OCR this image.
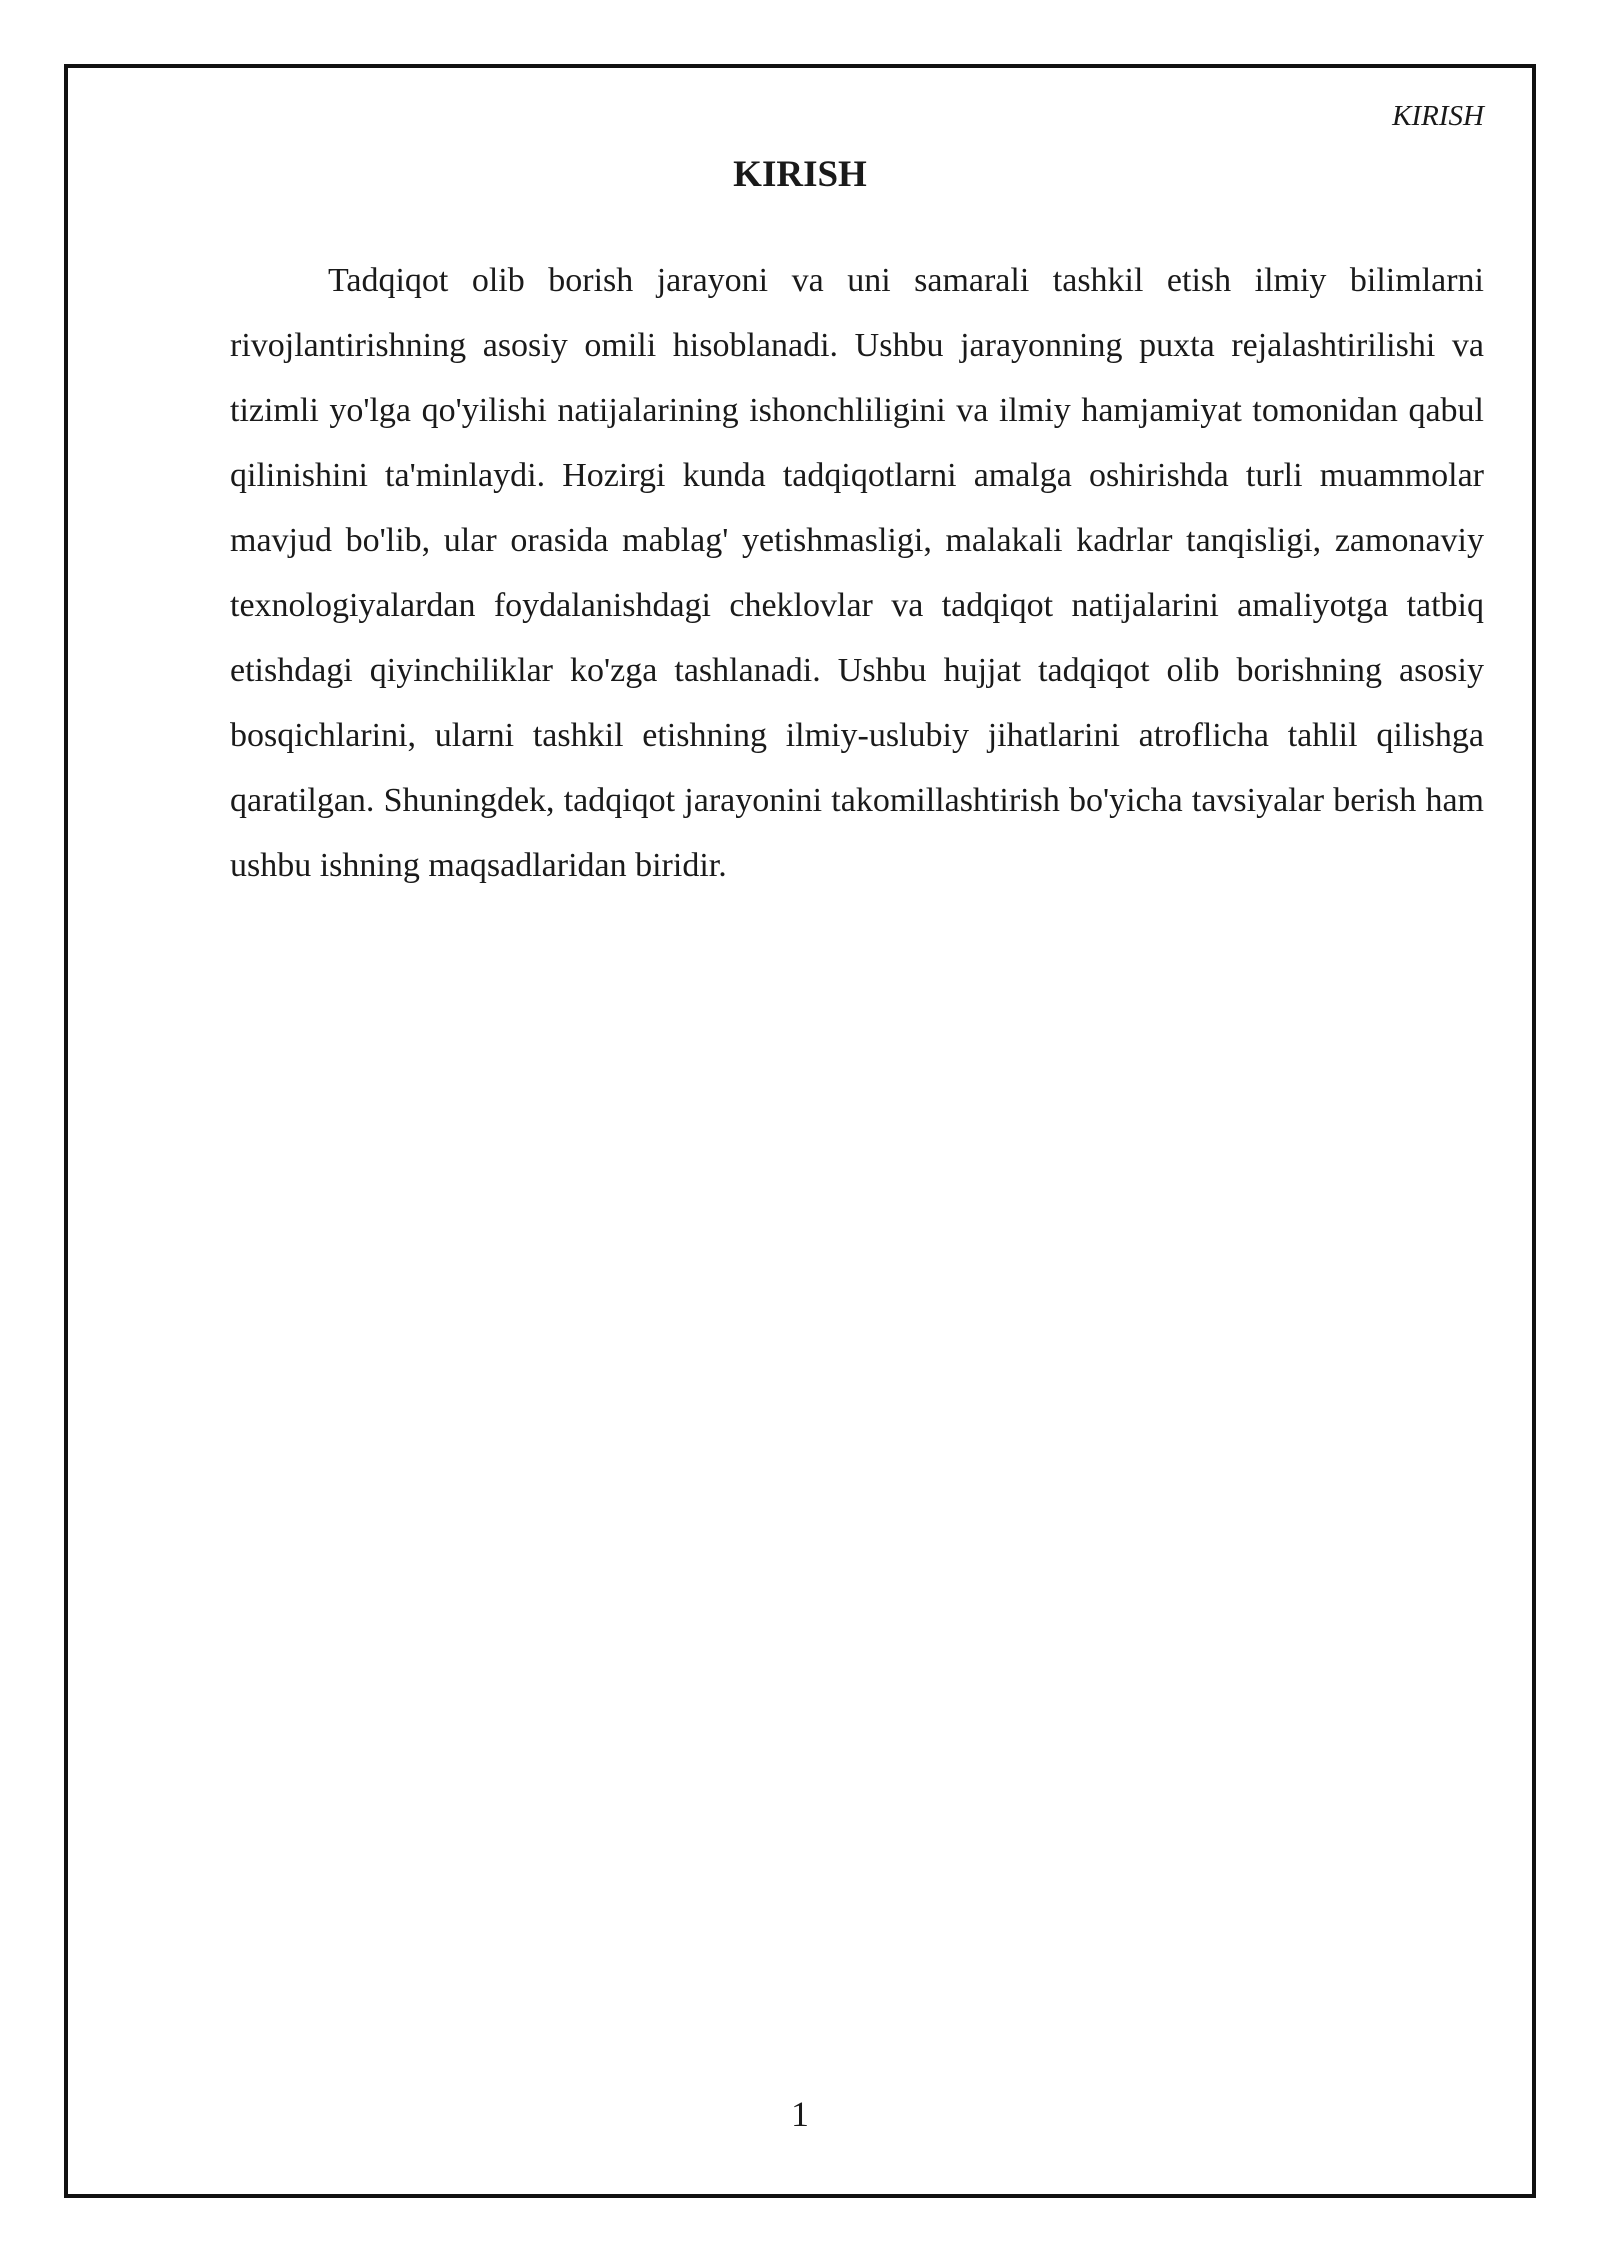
KIRISH
KIRISH

Tadqiqot olib borish jarayoni va uni samarali tashkil etish ilmiy bilimlarni rivojlantirishning asosiy omili hisoblanadi. Ushbu jarayonning puxta rejalashtirilishi va tizimli yo'lga qo'yilishi natijalarining ishonchliligini va ilmiy hamjamiyat tomonidan qabul qilinishini ta'minlaydi. Hozirgi kunda tadqiqotlarni amalga oshirishda turli muammolar mavjud bo'lib, ular orasida mablag' yetishmasligi, malakali kadrlar tanqisligi, zamonaviy texnologiyalardan foydalanishdagi cheklovlar va tadqiqot natijalarini amaliyotga tatbiq etishdagi qiyinchiliklar ko'zga tashlanadi. Ushbu hujjat tadqiqot olib borishning asosiy bosqichlarini, ularni tashkil etishning ilmiy-uslubiy jihatlarini atroflicha tahlil qilishga qaratilgan. Shuningdek, tadqiqot jarayonini takomillashtirish bo'yicha tavsiyalar berish ham ushbu ishning maqsadlaridan biridir.

1
